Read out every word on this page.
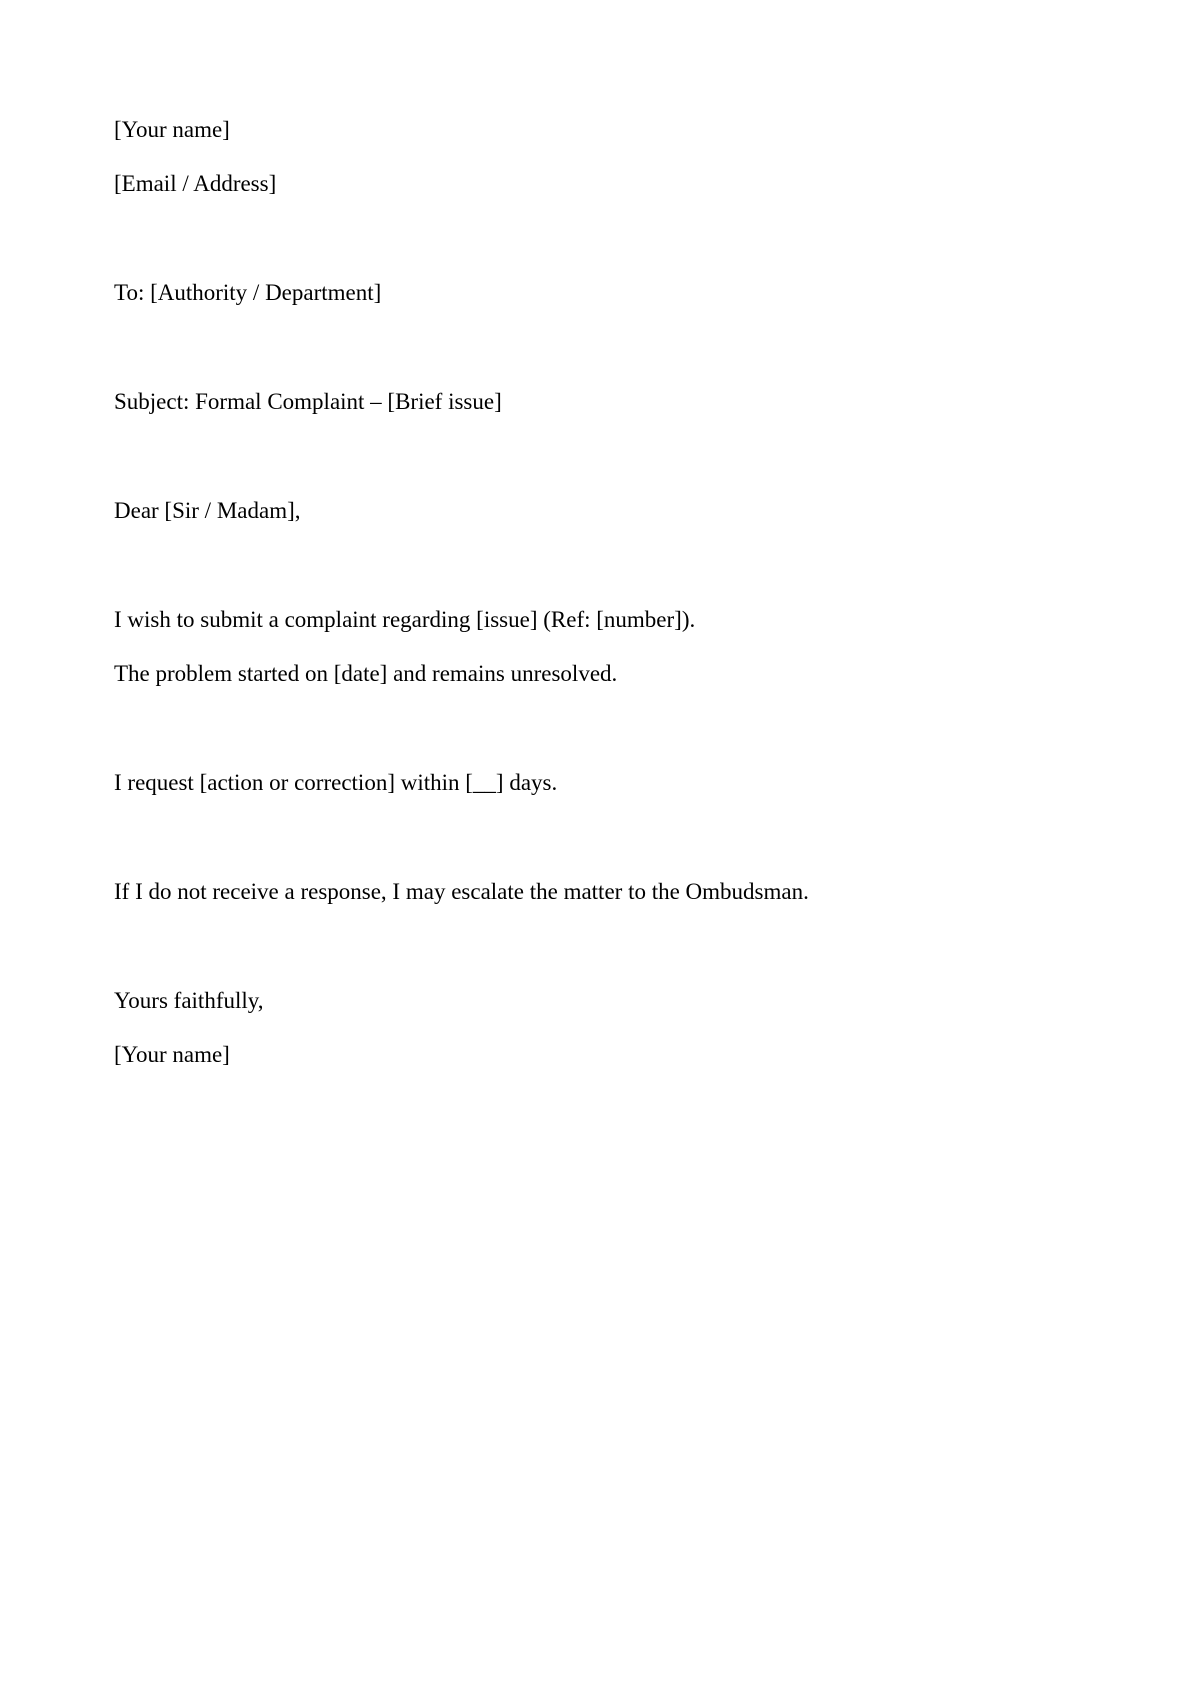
[Your name]

[Email / Address]

To: [Authority / Department]

Subject: Formal Complaint – [Brief issue]

Dear [Sir / Madam],

I wish to submit a complaint regarding [issue] (Ref: [number]).

The problem started on [date] and remains unresolved.

I request [action or correction] within [__] days.

If I do not receive a response, I may escalate the matter to the Ombudsman.

Yours faithfully,

[Your name]
